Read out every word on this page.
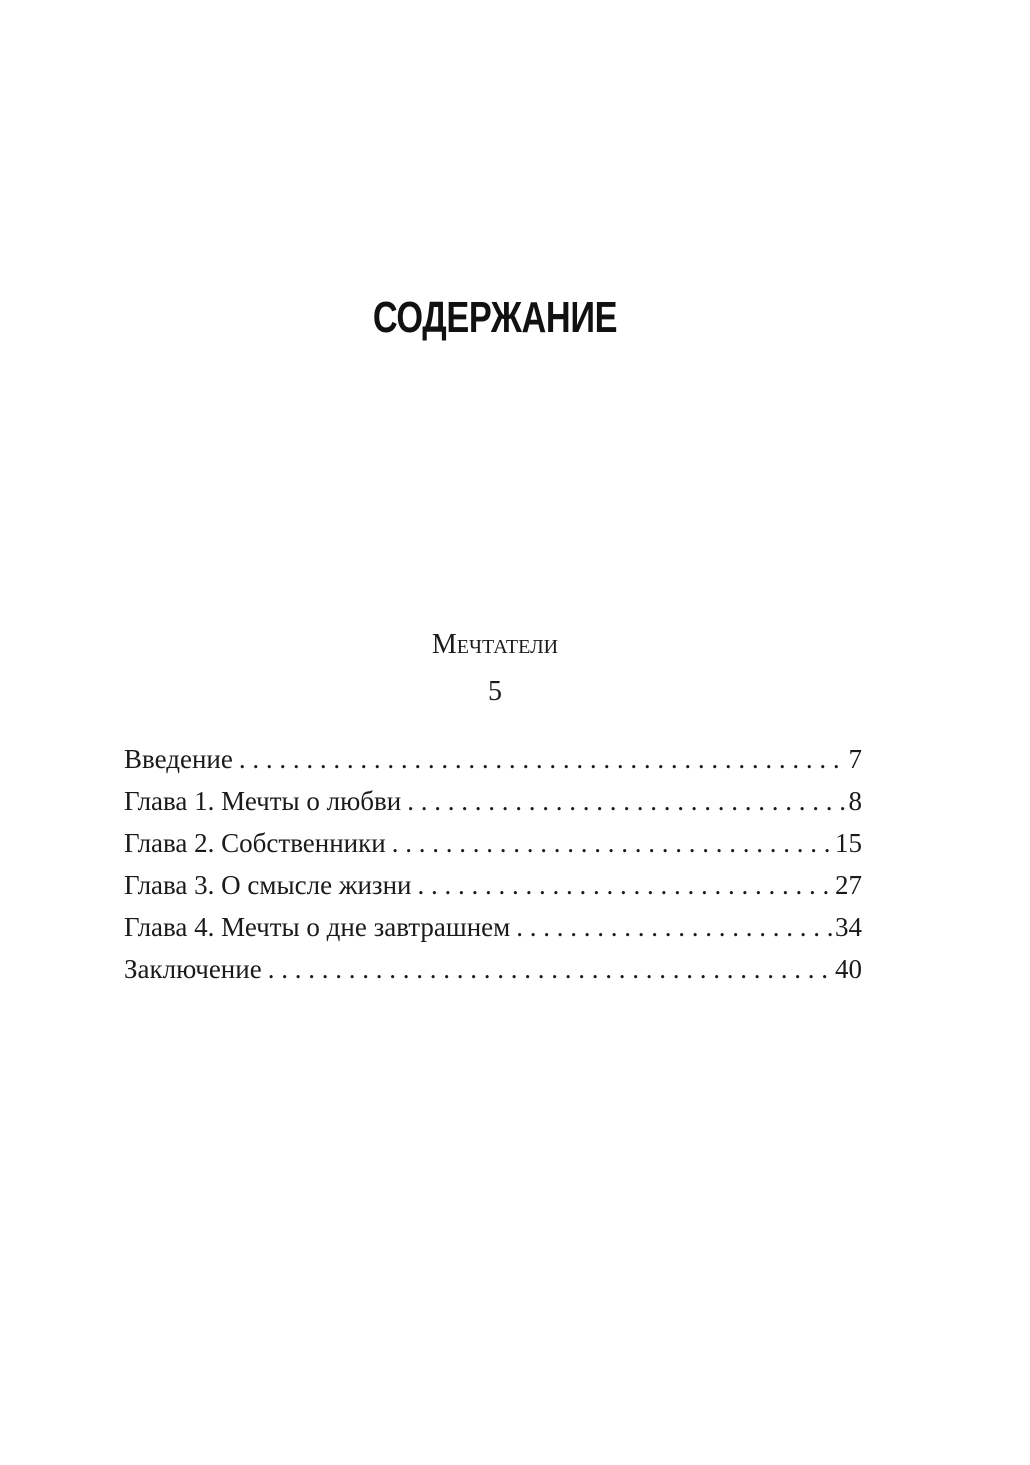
СОДЕРЖАНИЕ
Мечтатели
5
Введение . . .	7
Глава 1. Мечты о любви . . .	8
Глава 2. Собственники . . .	15
Глава 3. О смысле жизни . . .	27
Глава 4. Мечты о дне завтрашнем . . .	34
Заключение . . .	40
